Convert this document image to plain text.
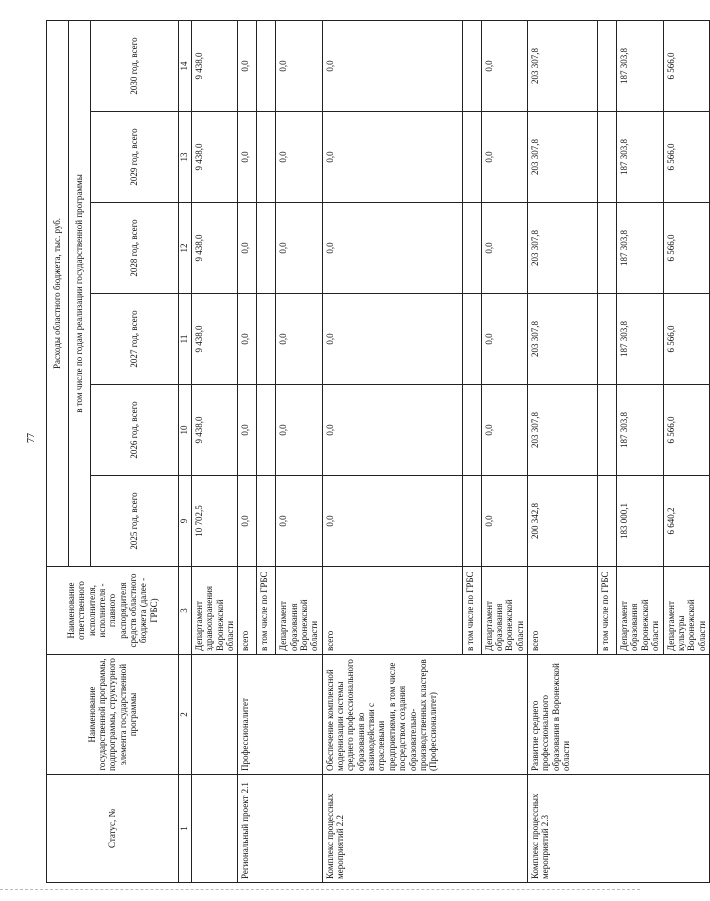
77
Статус, №	Наименование государственной программы, подпрограммы, структурного элемента государственной программы	Наименование ответственного исполнителя, исполнителя - главного распорядителя средств областного бюджета (далее - ГРБС)	Расходы областного бюджета, тыс. руб.					
			в том числе по годам реализации государственной программы					
			2025 год, всего	2026 год, всего	2027 год, всего	2028 год, всего	2029 год, всего	2030 год, всего
1	2	3	9	10	11	12	13	14
		Департамент здравоохранения Воронежской области	10 702,5	9 438,0	9 438,0	9 438,0	9 438,0	9 438,0
Региональный проект 2.1	Профессионалитет	всего	0,0	0,0	0,0	0,0	0,0	0,0
		в том числе по ГРБС						
		Департамент образования Воронежской области	0,0	0,0	0,0	0,0	0,0	0,0
Комплекс процессных мероприятий 2.2	Обеспечение комплексной модернизации системы среднего профессионального образования во взаимодействии с отраслевыми предприятиями, в том числе посредством создания образовательно-производственных кластеров (Профессионалитет)	всего	0,0	0,0	0,0	0,0	0,0	0,0
		в том числе по ГРБС						
		Департамент образования Воронежской области	0,0	0,0	0,0	0,0	0,0	0,0
Комплекс процессных мероприятий 2.3	Развитие среднего профессионального образования в Воронежской области	всего	200 342,8	203 307,8	203 307,8	203 307,8	203 307,8	203 307,8
		в том числе по ГРБС						
		Департамент образования Воронежской области	183 000,1	187 303,8	187 303,8	187 303,8	187 303,8	187 303,8
		Департамент культуры Воронежской области	6 640,2	6 566,0	6 566,0	6 566,0	6 566,0	6 566,0
